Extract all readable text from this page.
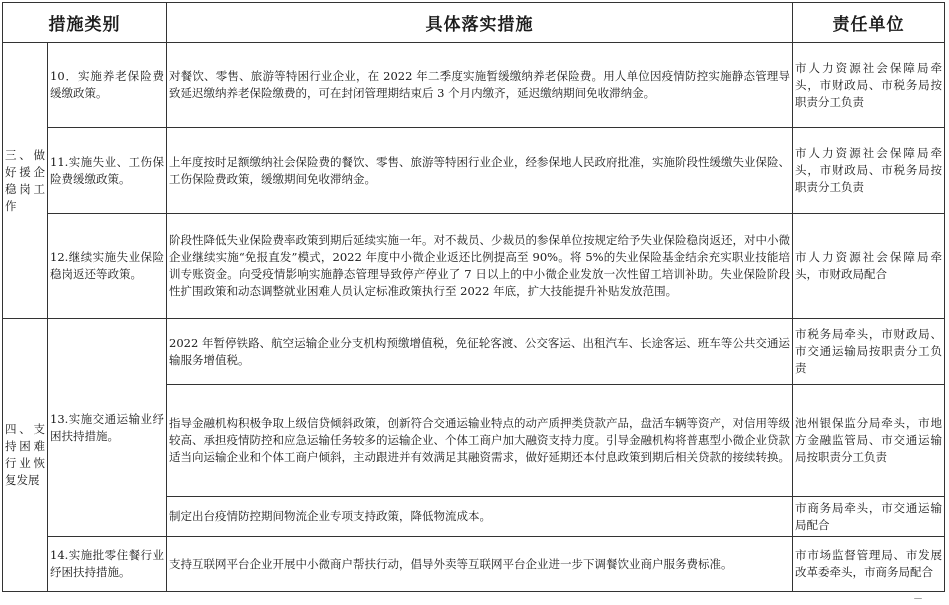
措施类别		具体落实措施	责任单位
三、做好援企稳岗工作	10．实施养老保险费缓缴政策。	对餐饮、零售、旅游等特困行业企业，在 2022 年二季度实施暂缓缴纳养老保险费。用人单位因疫情防控实施静态管理导致延迟缴纳养老保险缴费的，可在封闭管理期结束后 3 个月内缴齐，延迟缴纳期间免收滞纳金。	市人力资源社会保障局牵头，市财政局、市税务局按职责分工负责
	11.实施失业、工伤保险费缓缴政策。	上年度按时足额缴纳社会保险费的餐饮、零售、旅游等特困行业企业，经参保地人民政府批准，实施阶段性缓缴失业保险、工伤保险费政策，缓缴期间免收滞纳金。	市人力资源社会保障局牵头，市财政局、市税务局按职责分工负责
	12.继续实施失业保险稳岗返还等政策。	阶段性降低失业保险费率政策到期后延续实施一年。对不裁员、少裁员的参保单位按规定给予失业保险稳岗返还，对中小微企业继续实施“免报直发”模式，2022 年度中小微企业返还比例提高至 90%。将 5%的失业保险基金结余充实职业技能培训专账资金。向受疫情影响实施静态管理导致停产停业了 7 日以上的中小微企业发放一次性留工培训补助。失业保险阶段性扩围政策和动态调整就业困难人员认定标准政策执行至 2022 年底，扩大技能提升补贴发放范围。	市人力资源社会保障局牵头，市财政局配合
四、支持困难行业恢复发展	13.实施交通运输业纾困扶持措施。	2022 年暂停铁路、航空运输企业分支机构预缴增值税，免征轮客渡、公交客运、出租汽车、长途客运、班车等公共交通运输服务增值税。	市税务局牵头，市财政局、市交通运输局按职责分工负责
		指导金融机构积极争取上级信贷倾斜政策，创新符合交通运输业特点的动产质押类贷款产品，盘活车辆等资产，对信用等级较高、承担疫情防控和应急运输任务较多的运输企业、个体工商户加大融资支持力度。引导金融机构将普惠型小微企业贷款适当向运输企业和个体工商户倾斜，主动跟进并有效满足其融资需求，做好延期还本付息政策到期后相关贷款的接续转换。	池州银保监分局牵头，市地方金融监管局、市交通运输局按职责分工负责
		制定出台疫情防控期间物流企业专项支持政策，降低物流成本。	市商务局牵头，市交通运输局配合
	14.实施批零住餐行业纾困扶持措施。	支持互联网平台企业开展中小微商户帮扶行动，倡导外卖等互联网平台企业进一步下调餐饮业商户服务费标准。	市市场监督管理局、市发展改革委牵头，市商务局配合
－
